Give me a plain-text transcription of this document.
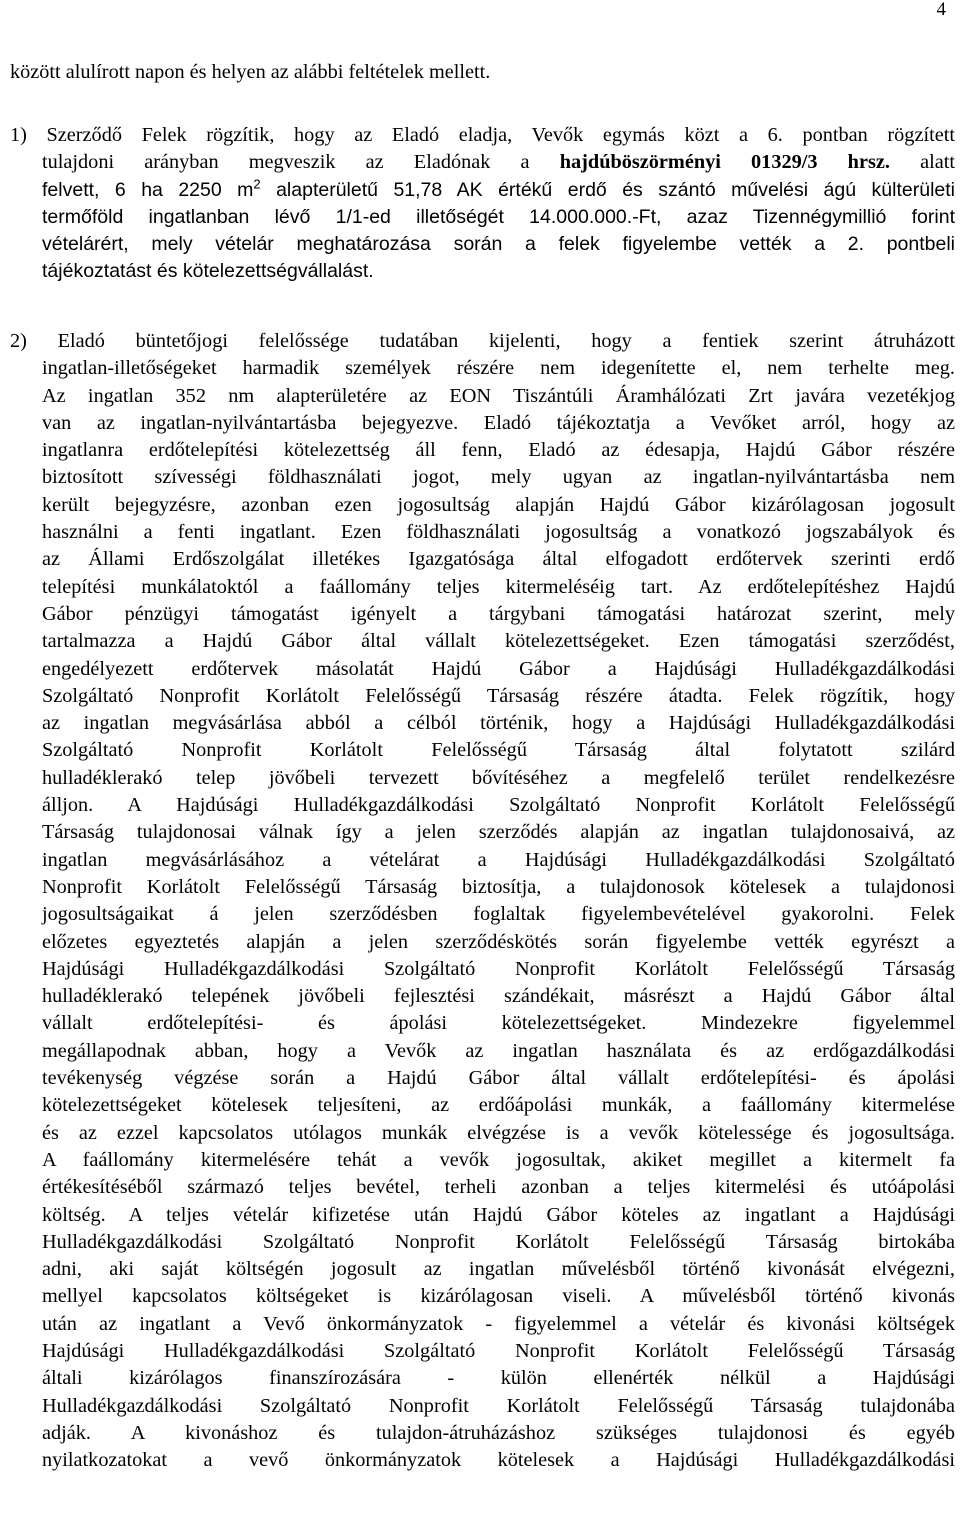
4
között alulírott napon és helyen az alábbi feltételek mellett.
1) Szerződő Felek rögzítik, hogy az Eladó eladja, Vevők egymás közt a 6. pontban rögzített
tulajdoni arányban megveszik az Eladónak a hajdúböszörményi 01329/3 hrsz. alatt
felvett, 6 ha 2250 $m^2$ alapterületű 51,78 AK értékű erdő és szántó művelési ágú külterületi
termőföld ingatlanban lévő 1/1-ed illetőségét 14.000.000.-Ft, azaz Tizennégymillió forint
vételárért, mely vételár meghatározása során a felek figyelembe vették a 2. pontbeli
tájékoztatást és kötelezettségvállalást.
2) Eladó büntetőjogi felelőssége tudatában kijelenti, hogy a fentiek szerint átruházott
ingatlan-illetőségeket harmadik személyek részére nem idegenítette el, nem terhelte meg.
Az ingatlan 352 nm alapterületére az EON Tiszántúli Áramhálózati Zrt javára vezetékjog
van az ingatlan-nyilvántartásba bejegyezve. Eladó tájékoztatja a Vevőket arról, hogy az
ingatlanra erdőtelepítési kötelezettség áll fenn, Eladó az édesapja, Hajdú Gábor részére
biztosított szívességi földhasználati jogot, mely ugyan az ingatlan-nyilvántartásba nem
került bejegyzésre, azonban ezen jogosultság alapján Hajdú Gábor kizárólagosan jogosult
használni a fenti ingatlant. Ezen földhasználati jogosultság a vonatkozó jogszabályok és
az Állami Erdőszolgálat illetékes Igazgatósága által elfogadott erdőtervek szerinti erdő
telepítési munkálatoktól a faállomány teljes kitermeléséig tart. Az erdőtelepítéshez Hajdú
Gábor pénzügyi támogatást igényelt a tárgybani támogatási határozat szerint, mely
tartalmazza a Hajdú Gábor által vállalt kötelezettségeket. Ezen támogatási szerződést,
engedélyezett erdőtervek másolatát Hajdú Gábor a Hajdúsági Hulladékgazdálkodási
Szolgáltató Nonprofit Korlátolt Felelősségű Társaság részére átadta. Felek rögzítik, hogy
az ingatlan megvásárlása abból a célból történik, hogy a Hajdúsági Hulladékgazdálkodási
Szolgáltató Nonprofit Korlátolt Felelősségű Társaság által folytatott szilárd
hulladéklerakó telep jövőbeli tervezett bővítéséhez a megfelelő terület rendelkezésre
álljon. A Hajdúsági Hulladékgazdálkodási Szolgáltató Nonprofit Korlátolt Felelősségű
Társaság tulajdonosai válnak így a jelen szerződés alapján az ingatlan tulajdonosaivá, az
ingatlan megvásárlásához a vételárat a Hajdúsági Hulladékgazdálkodási Szolgáltató
Nonprofit Korlátolt Felelősségű Társaság biztosítja, a tulajdonosok kötelesek a tulajdonosi
jogosultságaikat á jelen szerződésben foglaltak figyelembevételével gyakorolni. Felek
előzetes egyeztetés alapján a jelen szerződéskötés során figyelembe vették egyrészt a
Hajdúsági Hulladékgazdálkodási Szolgáltató Nonprofit Korlátolt Felelősségű Társaság
hulladéklerakó telepének jövőbeli fejlesztési szándékait, másrészt a Hajdú Gábor által
vállalt erdőtelepítési- és ápolási kötelezettségeket. Mindezekre figyelemmel
megállapodnak abban, hogy a Vevők az ingatlan használata és az erdőgazdálkodási
tevékenység végzése során a Hajdú Gábor által vállalt erdőtelepítési- és ápolási
kötelezettségeket kötelesek teljesíteni, az erdőápolási munkák, a faállomány kitermelése
és az ezzel kapcsolatos utólagos munkák elvégzése is a vevők kötelessége és jogosultsága.
A faállomány kitermelésére tehát a vevők jogosultak, akiket megillet a kitermelt fa
értékesítéséből származó teljes bevétel, terheli azonban a teljes kitermelési és utóápolási
költség. A teljes vételár kifizetése után Hajdú Gábor köteles az ingatlant a Hajdúsági
Hulladékgazdálkodási Szolgáltató Nonprofit Korlátolt Felelősségű Társaság birtokába
adni, aki saját költségén jogosult az ingatlan művelésből történő kivonását elvégezni,
mellyel kapcsolatos költségeket is kizárólagosan viseli. A művelésből történő kivonás
után az ingatlant a Vevő önkormányzatok - figyelemmel a vételár és kivonási költségek
Hajdúsági Hulladékgazdálkodási Szolgáltató Nonprofit Korlátolt Felelősségű Társaság
általi kizárólagos finanszírozására - külön ellenérték nélkül a Hajdúsági
Hulladékgazdálkodási Szolgáltató Nonprofit Korlátolt Felelősségű Társaság tulajdonába
adják. A kivonáshoz és tulajdon-átruházáshoz szükséges tulajdonosi és egyéb
nyilatkozatokat a vevő önkormányzatok kötelesek a Hajdúsági Hulladékgazdálkodási
